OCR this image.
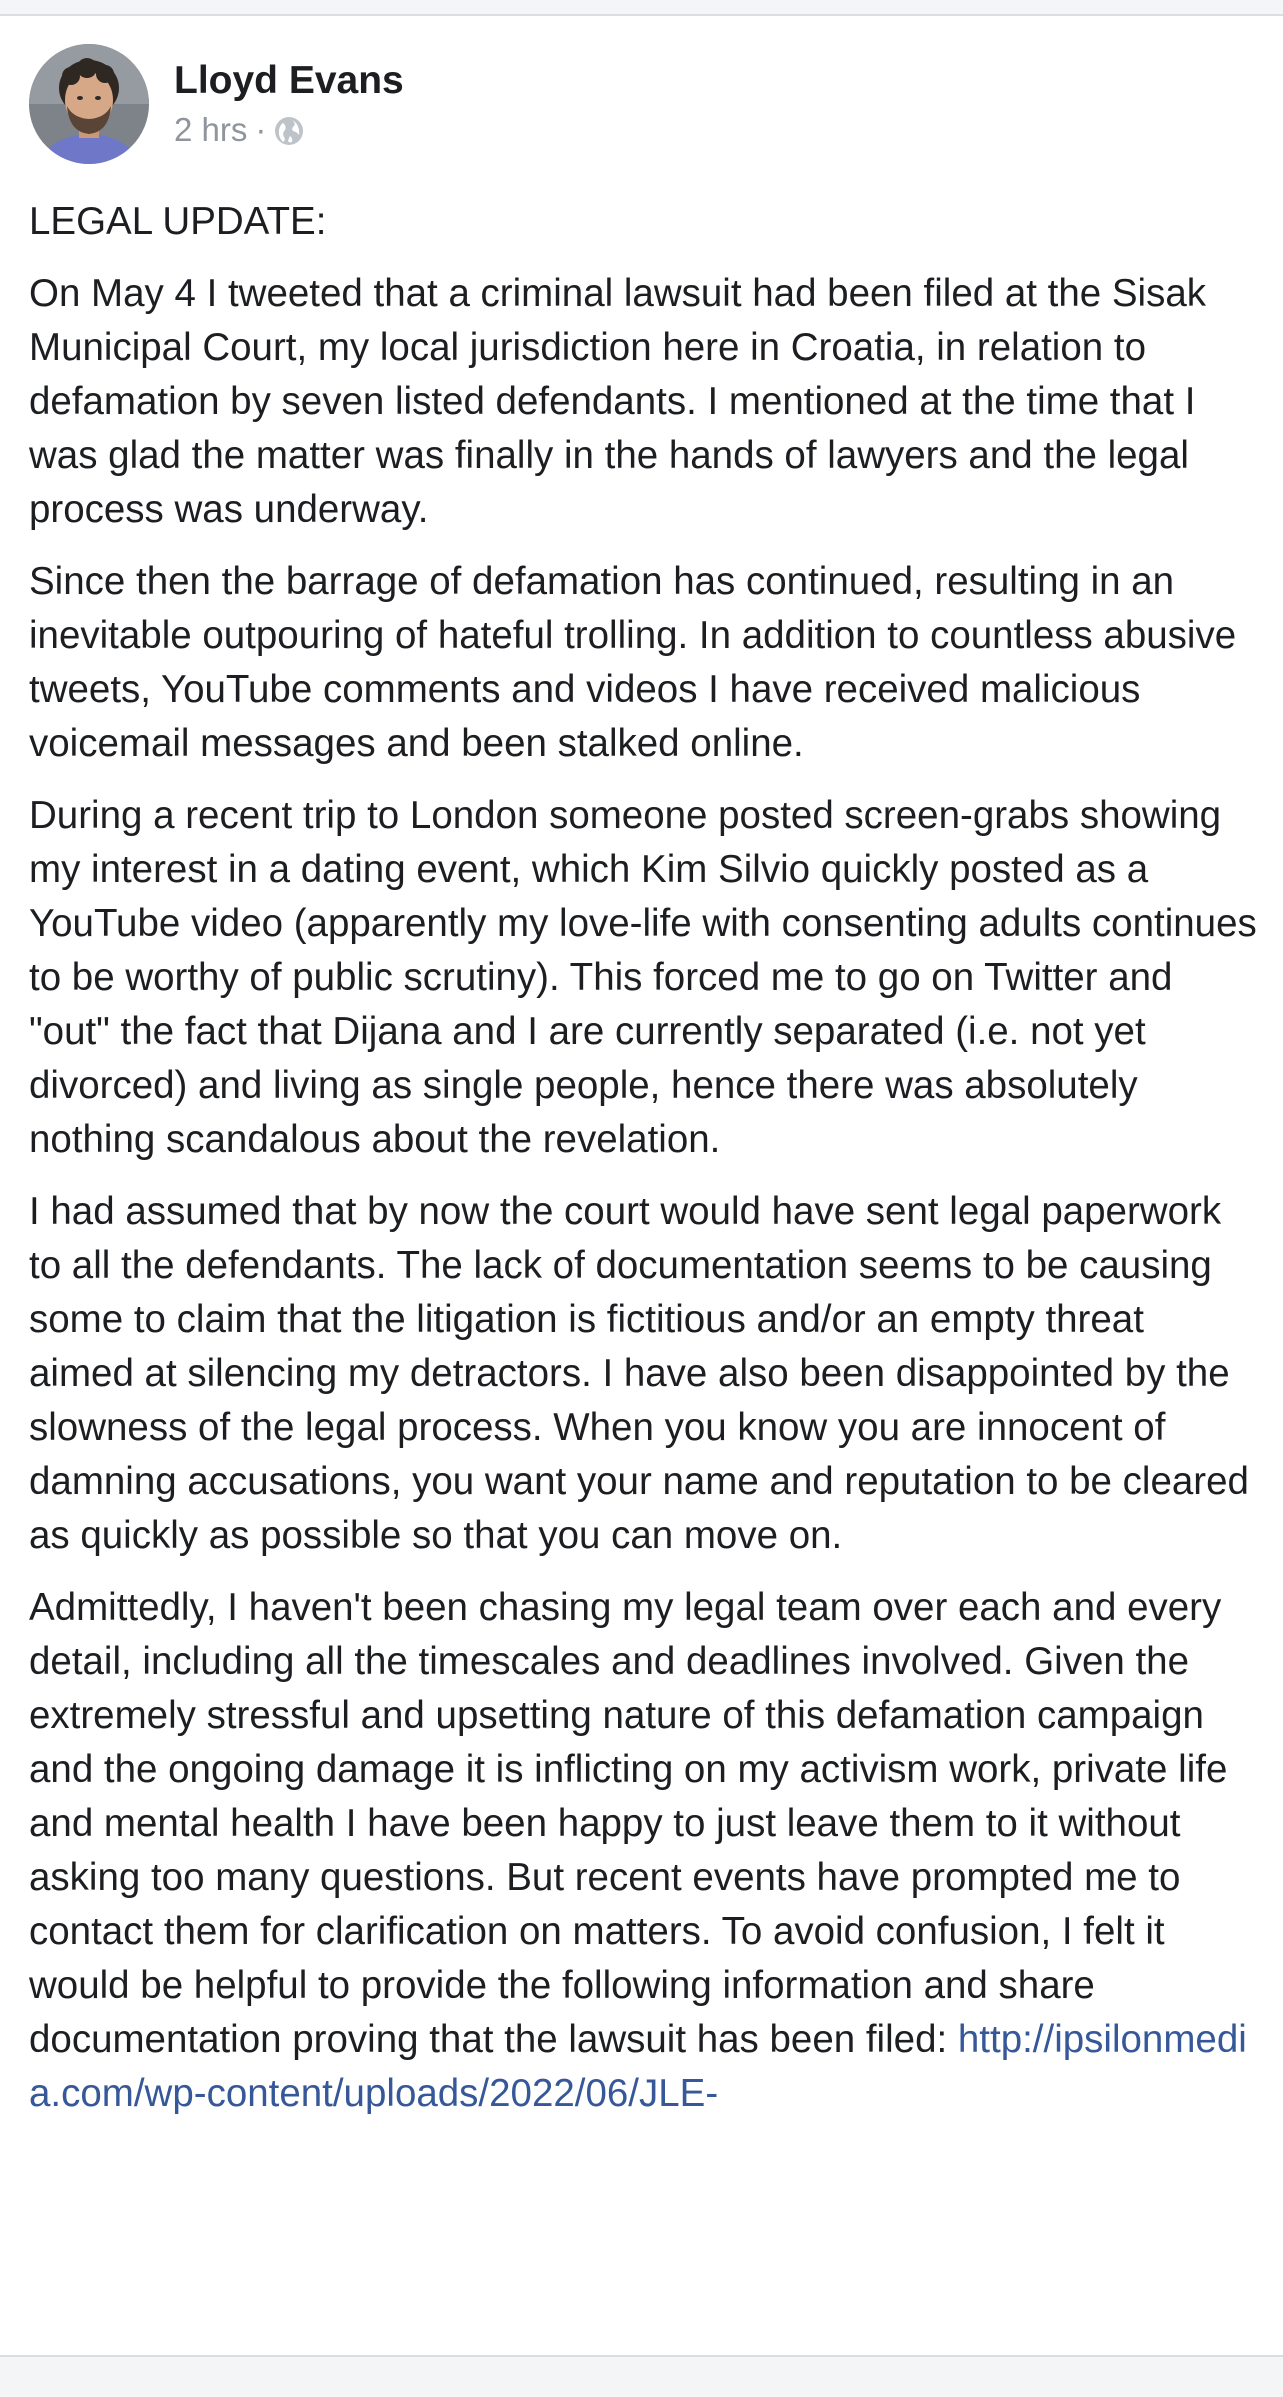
Lloyd Evans
2 hrs ·

LEGAL UPDATE:

On May 4 I tweeted that a criminal lawsuit had been filed at the Sisak Municipal Court, my local jurisdiction here in Croatia, in relation to defamation by seven listed defendants. I mentioned at the time that I was glad the matter was finally in the hands of lawyers and the legal process was underway.

Since then the barrage of defamation has continued, resulting in an inevitable outpouring of hateful trolling. In addition to countless abusive tweets, YouTube comments and videos I have received malicious voicemail messages and been stalked online.

During a recent trip to London someone posted screen-grabs showing my interest in a dating event, which Kim Silvio quickly posted as a YouTube video (apparently my love-life with consenting adults continues to be worthy of public scrutiny). This forced me to go on Twitter and "out" the fact that Dijana and I are currently separated (i.e. not yet divorced) and living as single people, hence there was absolutely nothing scandalous about the revelation.

I had assumed that by now the court would have sent legal paperwork to all the defendants. The lack of documentation seems to be causing some to claim that the litigation is fictitious and/or an empty threat aimed at silencing my detractors. I have also been disappointed by the slowness of the legal process. When you know you are innocent of damning accusations, you want your name and reputation to be cleared as quickly as possible so that you can move on.

Admittedly, I haven't been chasing my legal team over each and every detail, including all the timescales and deadlines involved. Given the extremely stressful and upsetting nature of this defamation campaign and the ongoing damage it is inflicting on my activism work, private life and mental health I have been happy to just leave them to it without asking too many questions. But recent events have prompted me to contact them for clarification on matters. To avoid confusion, I felt it would be helpful to provide the following information and share documentation proving that the lawsuit has been filed: http://ipsilonmedia.com/wp-content/uploads/2022/06/JLE-
